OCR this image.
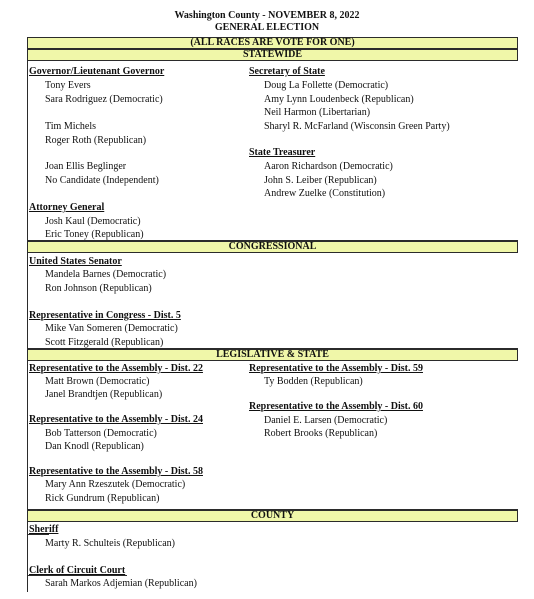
Washington County - NOVEMBER 8, 2022
GENERAL ELECTION
(ALL RACES ARE VOTE FOR ONE)
STATEWIDE
Governor/Lieutenant Governor
Tony Evers
Sara Rodriguez (Democratic)
Tim Michels
Roger Roth (Republican)
Joan Ellis Beglinger
No Candidate (Independent)
Attorney General
Josh Kaul (Democratic)
Eric Toney (Republican)
Secretary of State
Doug La Follette (Democratic)
Amy Lynn Loudenbeck (Republican)
Neil Harmon (Libertarian)
Sharyl R. McFarland (Wisconsin Green Party)
State Treasurer
Aaron Richardson (Democratic)
John S. Leiber (Republican)
Andrew Zuelke (Constitution)
CONGRESSIONAL
United States Senator
Mandela Barnes (Democratic)
Ron Johnson (Republican)
Representative in Congress - Dist. 5
Mike Van Someren (Democratic)
Scott Fitzgerald (Republican)
LEGISLATIVE & STATE
Representative to the Assembly - Dist. 22
Matt Brown (Democratic)
Janel Brandtjen (Republican)
Representative to the Assembly - Dist. 59
Ty Bodden (Republican)
Representative to the Assembly - Dist. 60
Daniel E. Larsen (Democratic)
Robert Brooks (Republican)
Representative to the Assembly - Dist. 24
Bob Tatterson (Democratic)
Dan Knodl (Republican)
Representative to the Assembly - Dist. 58
Mary Ann Rzeszutek (Democratic)
Rick Gundrum (Republican)
COUNTY
Sheriff
Marty R. Schulteis (Republican)
Clerk of Circuit Court
Sarah Markos Adjemian (Republican)
